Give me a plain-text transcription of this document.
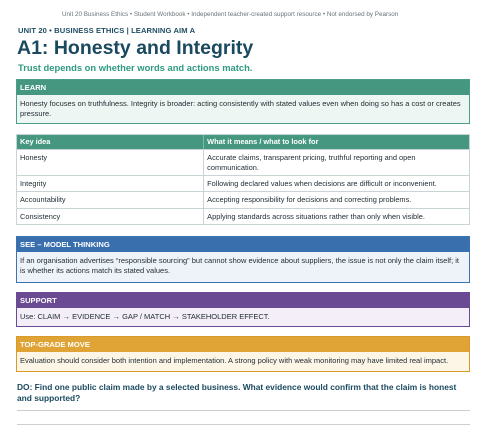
Unit 20 Business Ethics • Student Workbook • Independent teacher-created support resource • Not endorsed by Pearson
UNIT 20 • BUSINESS ETHICS | LEARNING AIM A
A1: Honesty and Integrity
Trust depends on whether words and actions match.
LEARN
Honesty focuses on truthfulness. Integrity is broader: acting consistently with stated values even when doing so has a cost or creates pressure.
Key idea	What it means / what to look for
Honesty	Accurate claims, transparent pricing, truthful reporting and open communication.
Integrity	Following declared values when decisions are difficult or inconvenient.
Accountability	Accepting responsibility for decisions and correcting problems.
Consistency	Applying standards across situations rather than only when visible.
SEE – MODEL THINKING
If an organisation advertises “responsible sourcing” but cannot show evidence about suppliers, the issue is not only the claim itself; it is whether its actions match its stated values.
SUPPORT
Use: CLAIM → EVIDENCE → GAP / MATCH → STAKEHOLDER EFFECT.
TOP-GRADE MOVE
Evaluation should consider both intention and implementation. A strong policy with weak monitoring may have limited real impact.
DO: Find one public claim made by a selected business. What evidence would confirm that the claim is honest and supported?
